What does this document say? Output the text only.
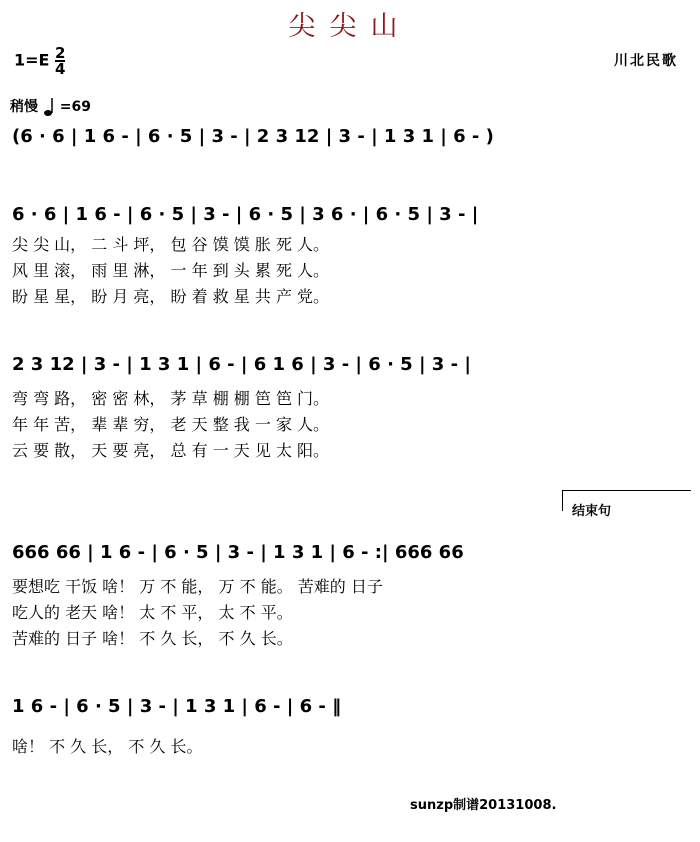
尖尖山
$1=E \frac{2}{4}$	川北民歌
稍慢 =69
(6 · 6 | 1 6 - | 6 · 5 | 3 - | 2 3 12 | 3 - | 1 3 1 | 6 - )
6 · 6 | 1 6 - | 6 · 5 | 3 - | 6 · 5 | 3 6 · | 6 · 5 | 3 - |
尖 尖 山， 二 斗 坪， 包 谷 馍 馍 胀 死 人。
风 里 滚， 雨 里 淋， 一 年 到 头 累 死 人。
盼 星 星， 盼 月 亮， 盼 着 救 星 共 产 党。
2 3 12 | 3 - | 1 3 1 | 6 - | 6 1 6 | 3 - | 6 · 5 | 3 - |
弯 弯 路， 密 密 林， 茅 草 棚 棚 笆 笆 门。
年 年 苦， 辈 辈 穷， 老 天 整 我 一 家 人。
云 要 散， 天 要 亮， 总 有 一 天 见 太 阳。
结束句
666 66 | 1 6 - | 6 · 5 | 3 - | 1 3 1 | 6 - :| 666 66
要想吃 干饭 啥！ 万 不 能， 万 不 能。 苦难的 日子
吃人的 老天 啥！ 太 不 平， 太 不 平。
苦难的 日子 啥！ 不 久 长， 不 久 长。
1 6 - | 6 · 5 | 3 - | 1 3 1 | 6 - | 6 - ‖
啥！ 不 久 长， 不 久 长。
sunzp制谱20131008.
